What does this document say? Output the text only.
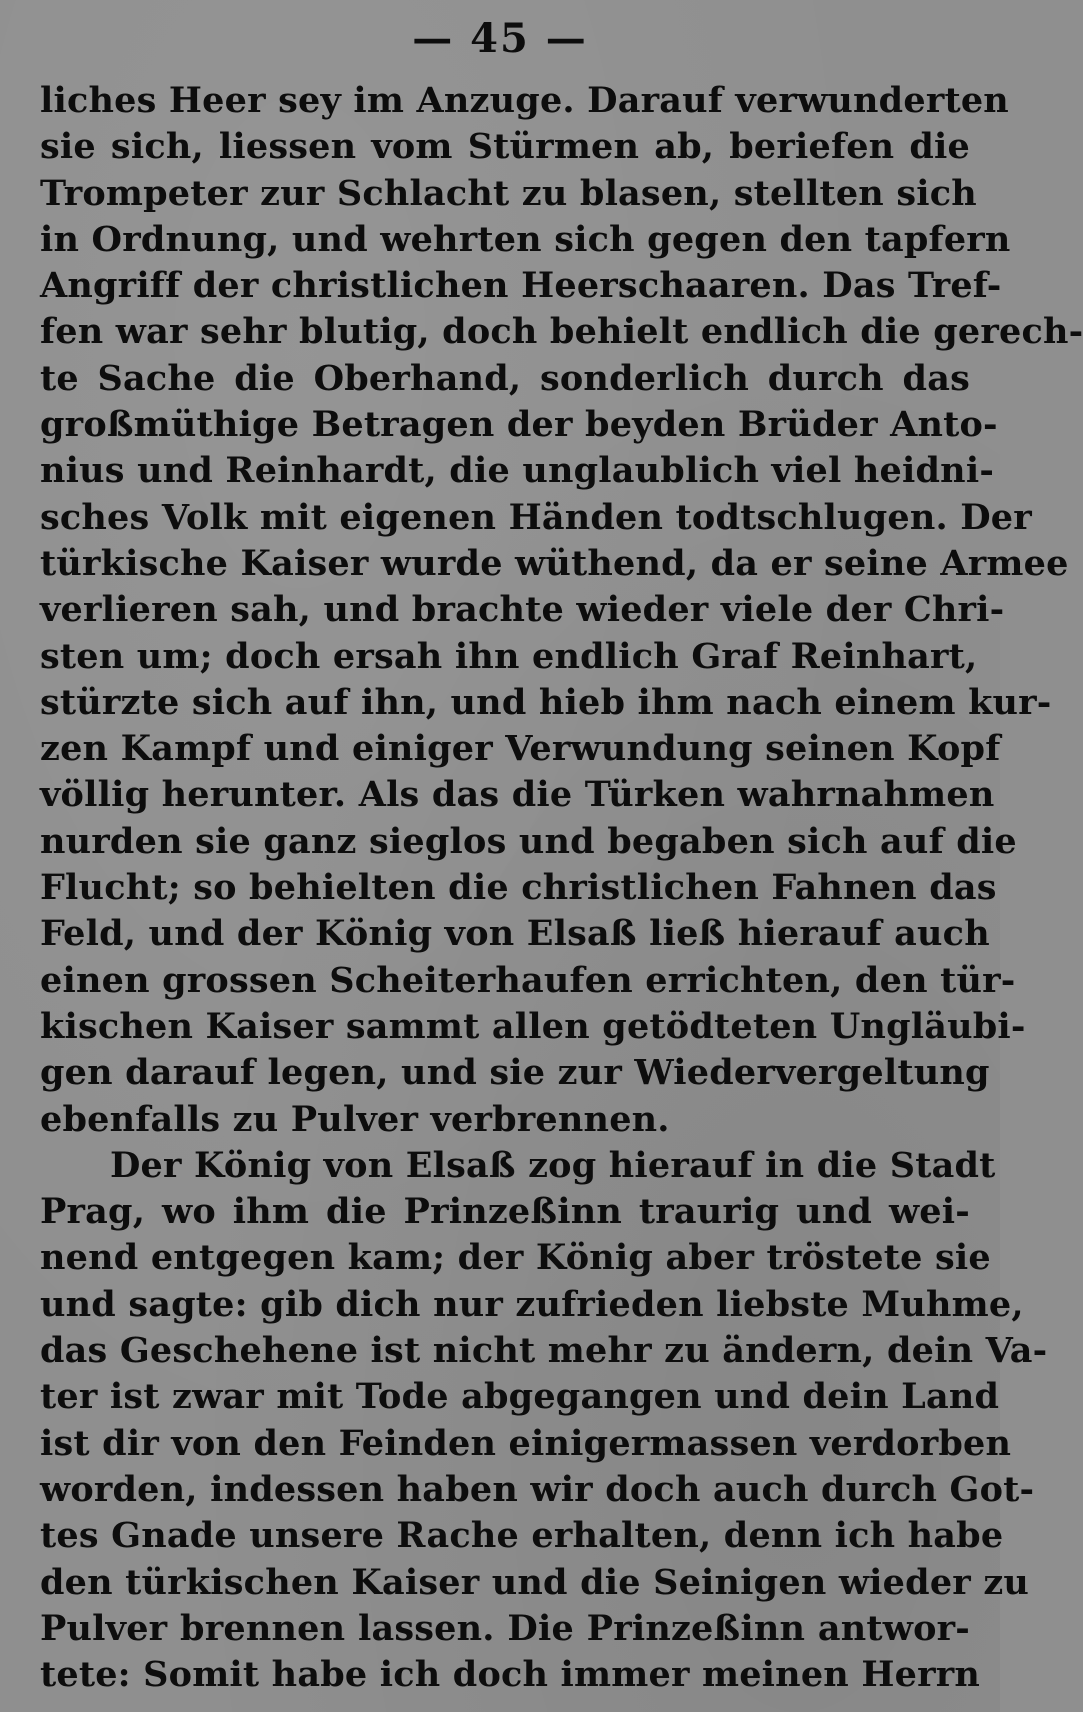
— 45 —
liches Heer sey im Anzuge. Darauf verwunderten
sie sich, liessen vom Stürmen ab, beriefen die
Trompeter zur Schlacht zu blasen, stellten sich
in Ordnung, und wehrten sich gegen den tapfern
Angriff der christlichen Heerschaaren. Das Tref-
fen war sehr blutig, doch behielt endlich die gerech-
te Sache die Oberhand, sonderlich durch das
großmüthige Betragen der beyden Brüder Anto-
nius und Reinhardt, die unglaublich viel heidni-
sches Volk mit eigenen Händen todtschlugen. Der
türkische Kaiser wurde wüthend, da er seine Armee
verlieren sah, und brachte wieder viele der Chri-
sten um; doch ersah ihn endlich Graf Reinhart,
stürzte sich auf ihn, und hieb ihm nach einem kur-
zen Kampf und einiger Verwundung seinen Kopf
völlig herunter. Als das die Türken wahrnahmen
nurden sie ganz sieglos und begaben sich auf die
Flucht; so behielten die christlichen Fahnen das
Feld, und der König von Elsaß ließ hierauf auch
einen grossen Scheiterhaufen errichten, den tür-
kischen Kaiser sammt allen getödteten Ungläubi-
gen darauf legen, und sie zur Wiedervergeltung
ebenfalls zu Pulver verbrennen.
Der König von Elsaß zog hierauf in die Stadt
Prag, wo ihm die Prinzeßinn traurig und wei-
nend entgegen kam; der König aber tröstete sie
und sagte: gib dich nur zufrieden liebste Muhme,
das Geschehene ist nicht mehr zu ändern, dein Va-
ter ist zwar mit Tode abgegangen und dein Land
ist dir von den Feinden einigermassen verdorben
worden, indessen haben wir doch auch durch Got-
tes Gnade unsere Rache erhalten, denn ich habe
den türkischen Kaiser und die Seinigen wieder zu
Pulver brennen lassen. Die Prinzeßinn antwor-
tete: Somit habe ich doch immer meinen Herrn
